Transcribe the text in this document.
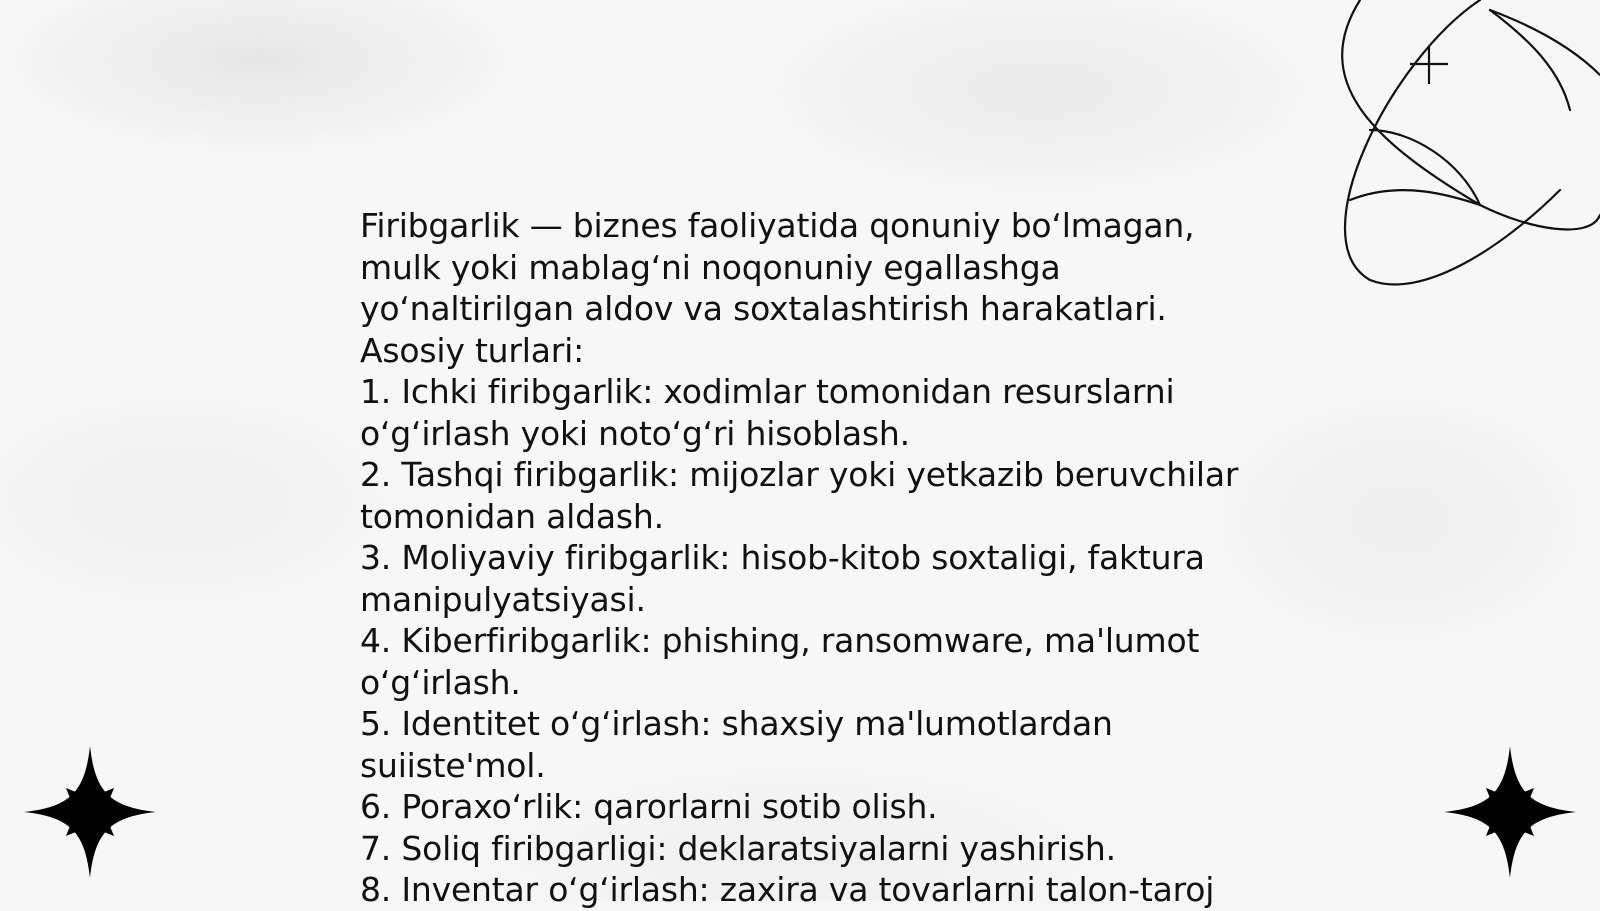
Firibgarlik — biznes faoliyatida qonuniy boʻlmagan, mulk yoki mablagʻni noqonuniy egallashga yoʻnaltirilgan aldov va soxtalashtirish harakatlari.

Asosiy turlari:

1. Ichki firibgarlik: xodimlar tomonidan resurslarni oʻgʻirlash yoki notoʻgʻri hisoblash.

2. Tashqi firibgarlik: mijozlar yoki yetkazib beruvchilar tomonidan aldash.

3. Moliyaviy firibgarlik: hisob-kitob soxtaligi, faktura manipulyatsiyasi.

4. Kiberfiribgarlik: phishing, ransomware, ma'lumot oʻgʻirlash.

5. Identitet oʻgʻirlash: shaxsiy ma'lumotlardan suiiste'mol.

6. Poraxoʻrlik: qarorlarni sotib olish.

7. Soliq firibgarligi: deklaratsiyalarni yashirish.

8. Inventar oʻgʻirlash: zaxira va tovarlarni talon-taroj
